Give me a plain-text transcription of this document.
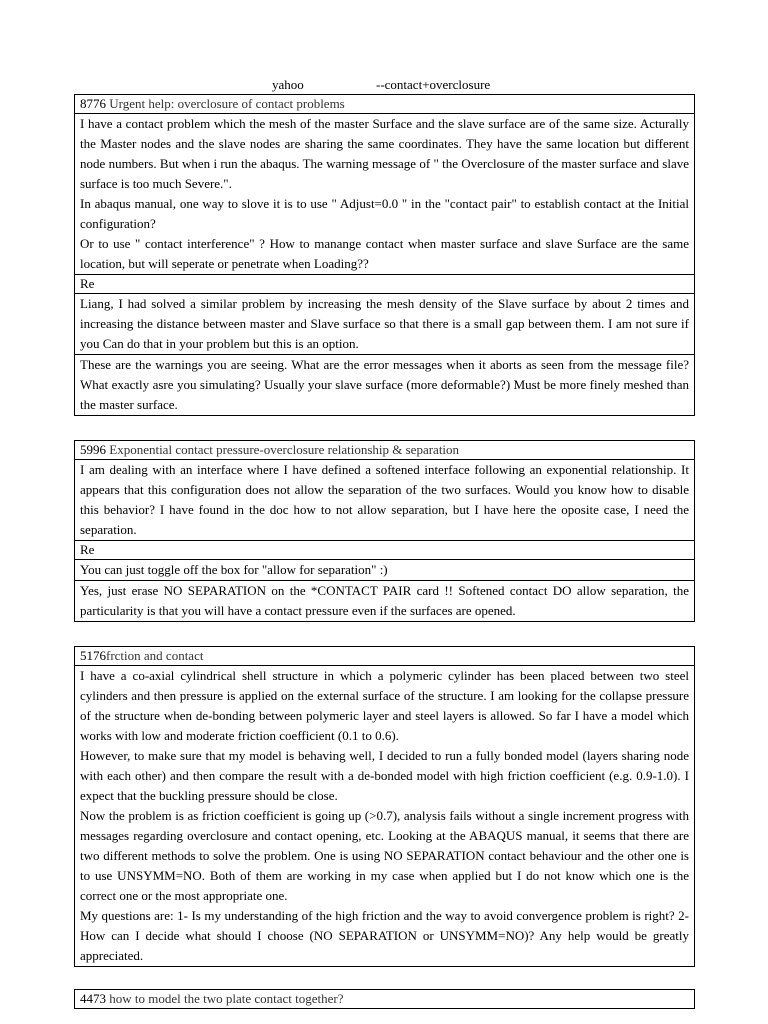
yahoo	--contact+overclosure
8776 Urgent help: overclosure of contact problems

I have a contact problem which the mesh of the master Surface and the slave surface are of the same size. Acturally the Master nodes and the slave nodes are sharing the same coordinates. They have the same location but different node numbers. But when i run the abaqus. The warning message of " the Overclosure of the master surface and slave surface is too much Severe.".

In abaqus manual, one way to slove it is to use " Adjust=0.0 " in the "contact pair" to establish contact at the Initial configuration?

Or to use " contact interference" ? How to manange contact when master surface and slave Surface are the same location, but will seperate or penetrate when Loading??

Re

Liang, I had solved a similar problem by increasing the mesh density of the Slave surface by about 2 times and increasing the distance between master and Slave surface so that there is a small gap between them. I am not sure if you Can do that in your problem but this is an option.

These are the warnings you are seeing. What are the error messages when it aborts as seen from the message file? What exactly asre you simulating? Usually your slave surface (more deformable?) Must be more finely meshed than the master surface.

5996 Exponential contact pressure-overclosure relationship & separation

I am dealing with an interface where I have defined a softened interface following an exponential relationship. It appears that this configuration does not allow the separation of the two surfaces. Would you know how to disable this behavior? I have found in the doc how to not allow separation, but I have here the oposite case, I need the separation.

Re

You can just toggle off the box for "allow for separation" :)

Yes, just erase NO SEPARATION on the *CONTACT PAIR card !! Softened contact DO allow separation, the particularity is that you will have a contact pressure even if the surfaces are opened.

5176frction and contact

I have a co-axial cylindrical shell structure in which a polymeric cylinder has been placed between two steel cylinders and then pressure is applied on the external surface of the structure. I am looking for the collapse pressure of the structure when de-bonding between polymeric layer and steel layers is allowed. So far I have a model which works with low and moderate friction coefficient (0.1 to 0.6).

However, to make sure that my model is behaving well, I decided to run a fully bonded model (layers sharing node with each other) and then compare the result with a de-bonded model with high friction coefficient (e.g. 0.9-1.0). I expect that the buckling pressure should be close.

Now the problem is as friction coefficient is going up (>0.7), analysis fails without a single increment progress with messages regarding overclosure and contact opening, etc. Looking at the ABAQUS manual, it seems that there are two different methods to solve the problem. One is using NO SEPARATION contact behaviour and the other one is to use UNSYMM=NO. Both of them are working in my case when applied but I do not know which one is the correct one or the most appropriate one.

My questions are: 1- Is my understanding of the high friction and the way to avoid convergence problem is right? 2- How can I decide what should I choose (NO SEPARATION or UNSYMM=NO)? Any help would be greatly appreciated.

4473 how to model the two plate contact together?
